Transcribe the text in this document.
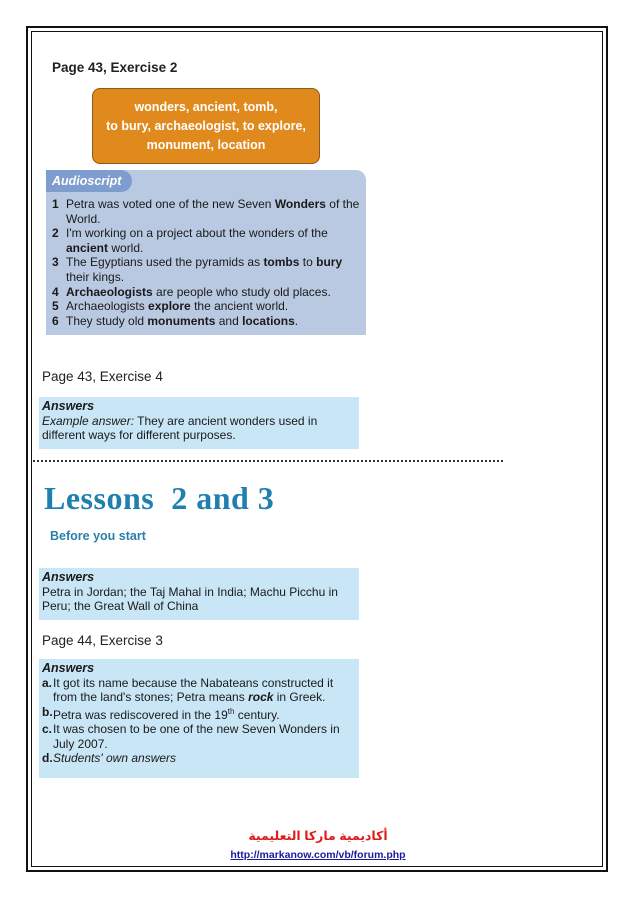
Page 43, Exercise 2
wonders, ancient, tomb,
to bury, archaeologist, to explore,
monument, location
Audioscript
1 Petra was voted one of the new Seven Wonders of the World.
2 I'm working on a project about the wonders of the ancient world.
3 The Egyptians used the pyramids as tombs to bury their kings.
4 Archaeologists are people who study old places.
5 Archaeologists explore the ancient world.
6 They study old monuments and locations.
Page 43, Exercise 4
Answers
Example answer: They are ancient wonders used in different ways for different purposes.
Lessons  2 and 3
Before you start
Answers
Petra in Jordan; the Taj Mahal in India; Machu Picchu in Peru; the Great Wall of China
Page 44, Exercise 3
Answers
a. It got its name because the Nabateans constructed it from the land's stones; Petra means rock in Greek.
b. Petra was rediscovered in the 19th century.
c. It was chosen to be one of the new Seven Wonders in July 2007.
d. Students' own answers
أكاديمية ماركا التعليمية
http://markanow.com/vb/forum.php
